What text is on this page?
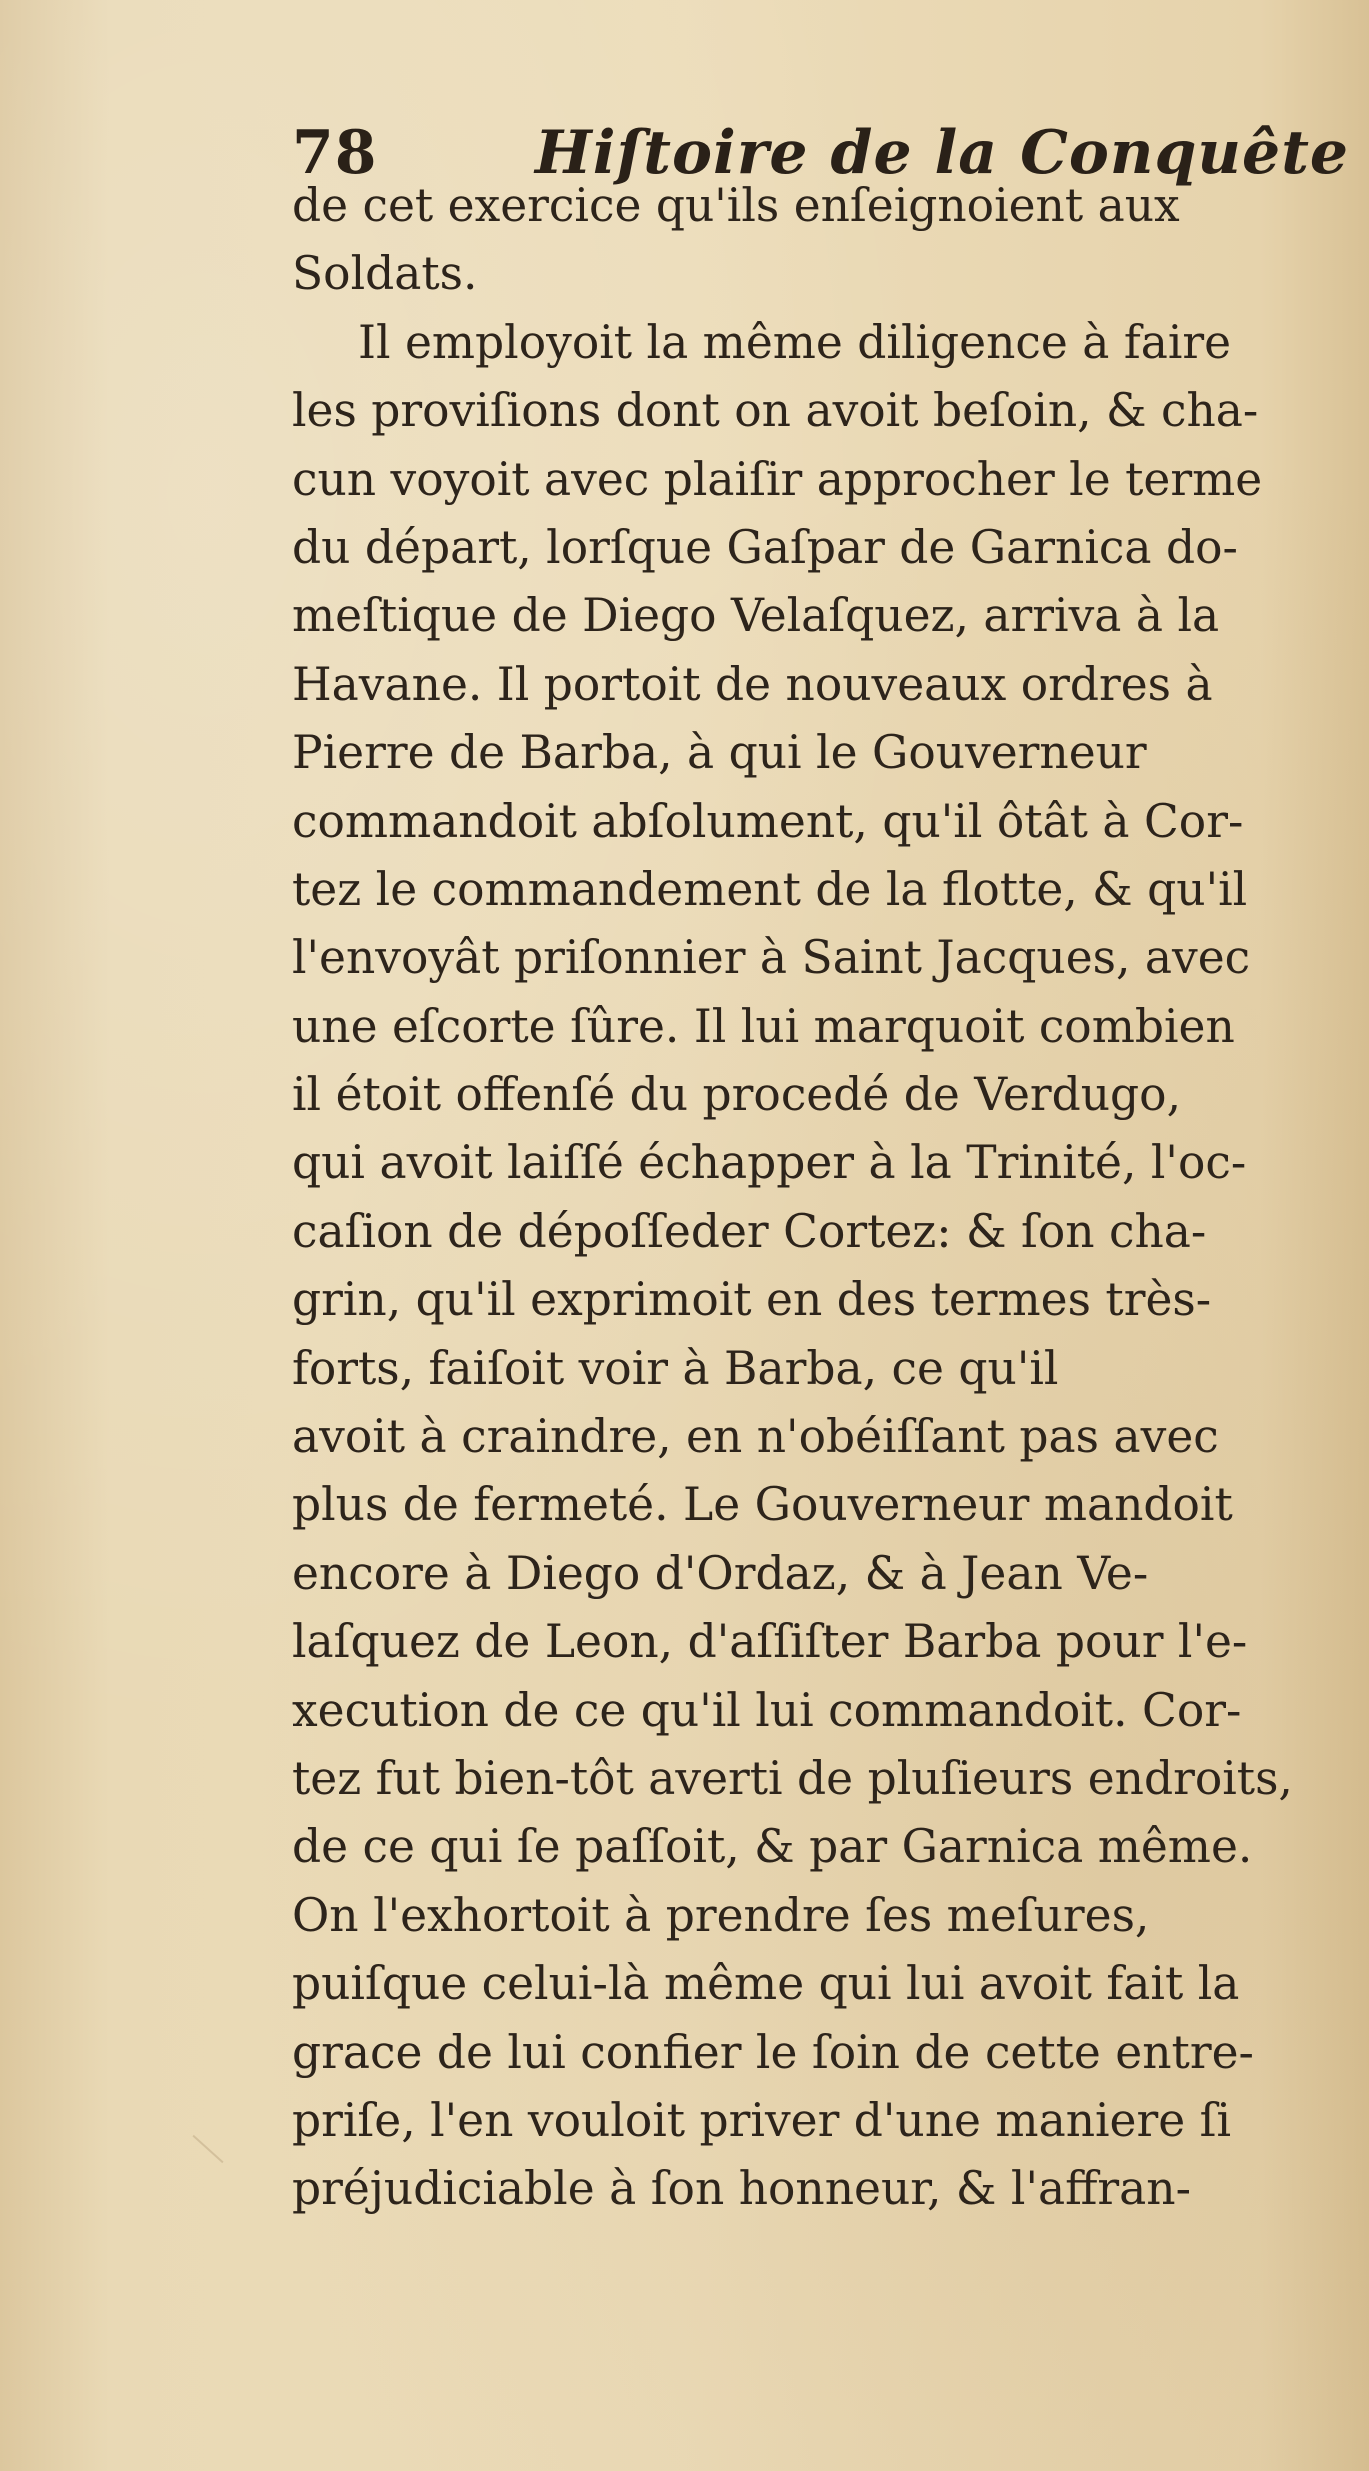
78	Hiſtoire de la Conquête
de cet exercice qu'ils enſeignoient aux
Soldats.
Il employoit la même diligence à faire
les proviſions dont on avoit beſoin, & cha-
cun voyoit avec plaiſir approcher le terme
du départ, lorſque Gaſpar de Garnica do-
meſtique de Diego Velaſquez, arriva à la
Havane. Il portoit de nouveaux ordres à
Pierre de Barba, à qui le Gouverneur
commandoit abſolument, qu'il ôtât à Cor-
tez le commandement de la flotte, & qu'il
l'envoyât priſonnier à Saint Jacques, avec
une eſcorte ſûre. Il lui marquoit combien
il étoit offenſé du procedé de Verdugo,
qui avoit laiſſé échapper à la Trinité, l'oc-
caſion de dépoſſeder Cortez: & ſon cha-
grin, qu'il exprimoit en des termes très-
forts, faiſoit voir à Barba, ce qu'il
avoit à craindre, en n'obéiſſant pas avec
plus de fermeté. Le Gouverneur mandoit
encore à Diego d'Ordaz, & à Jean Ve-
laſquez de Leon, d'aſſiſter Barba pour l'e-
xecution de ce qu'il lui commandoit. Cor-
tez fut bien-tôt averti de pluſieurs endroits,
de ce qui ſe paſſoit, & par Garnica même.
On l'exhortoit à prendre ſes meſures,
puiſque celui-là même qui lui avoit fait la
grace de lui confier le ſoin de cette entre-
priſe, l'en vouloit priver d'une maniere ſi
préjudiciable à ſon honneur, & l'affran-
